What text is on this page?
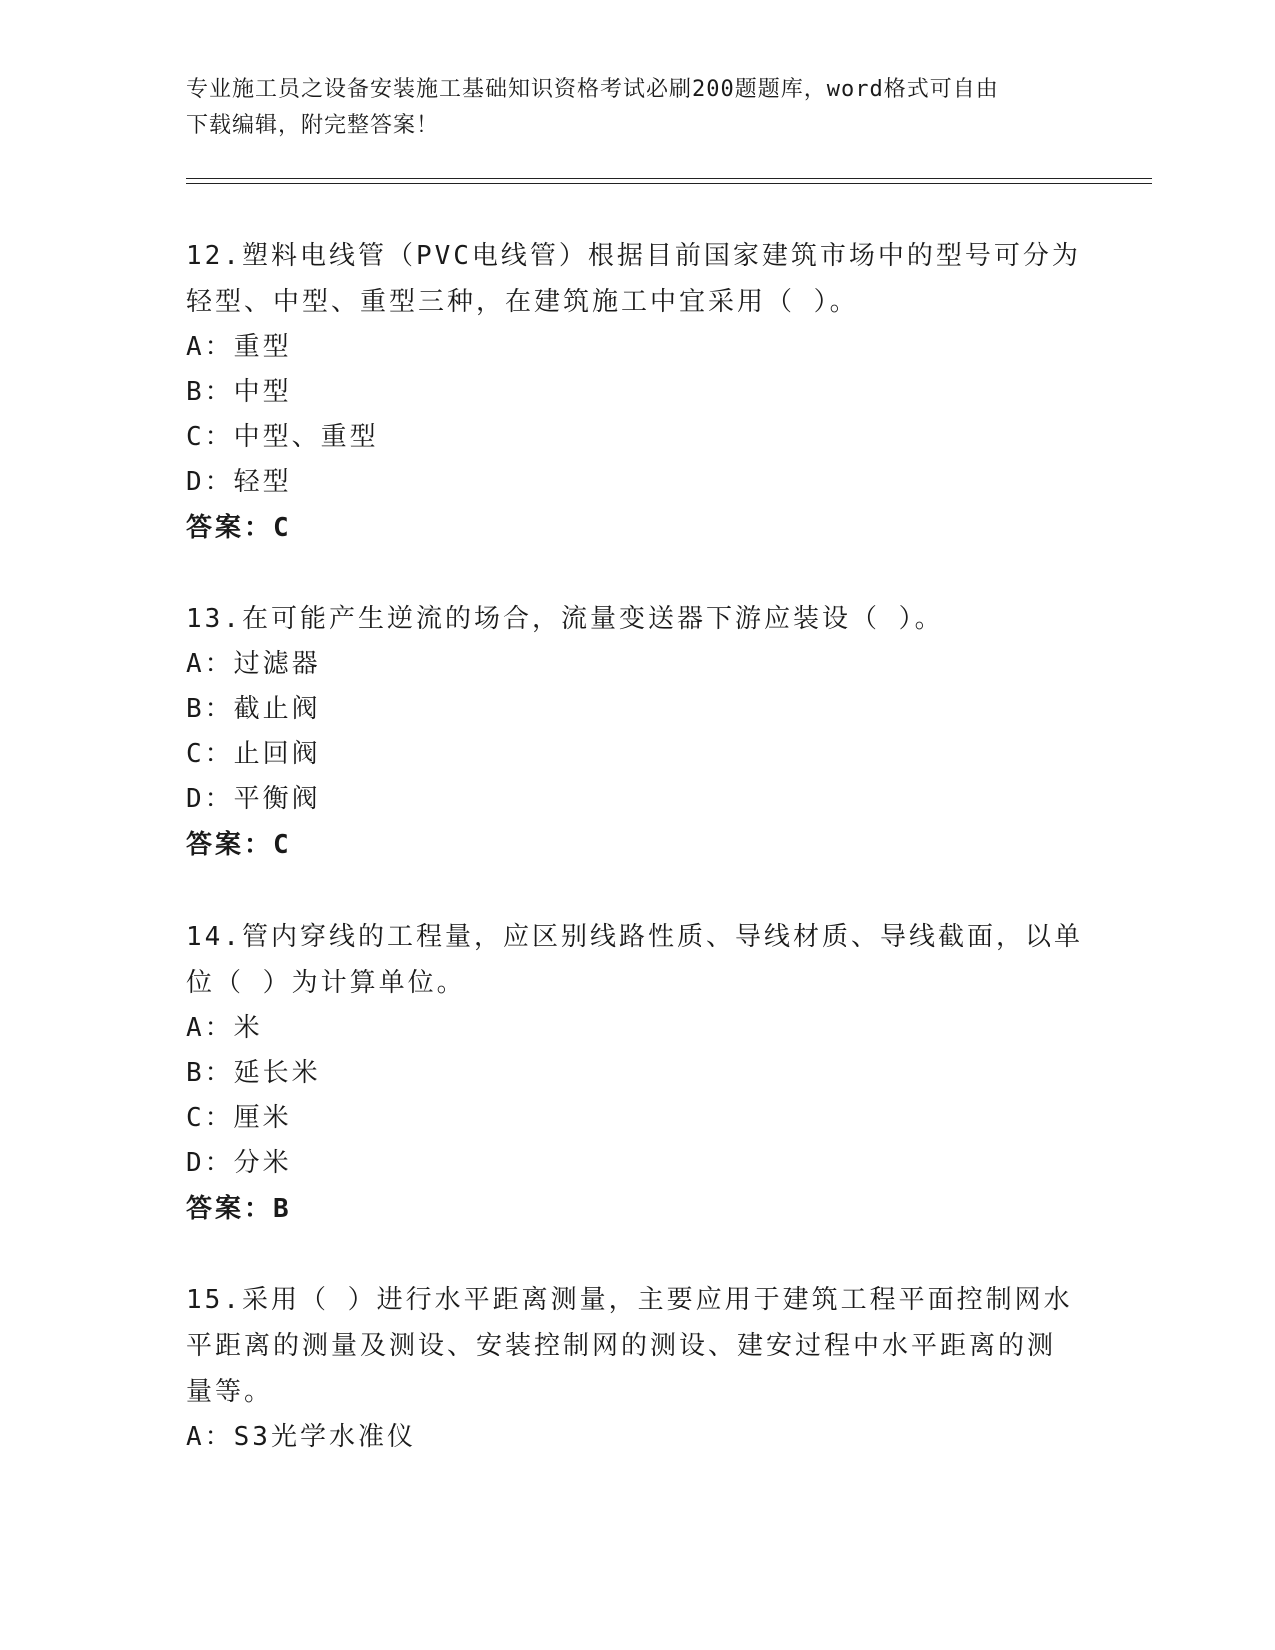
专业施工员之设备安装施工基础知识资格考试必刷200题题库，word格式可自由
下载编辑，附完整答案！

12.塑料电线管（PVC电线管）根据目前国家建筑市场中的型号可分为

轻型、中型、重型三种，在建筑施工中宜采用（ ）。

A：重型

B：中型

C：中型、重型

D：轻型

答案：C

13.在可能产生逆流的场合，流量变送器下游应装设（ ）。

A：过滤器

B：截止阀

C：止回阀

D：平衡阀

答案：C

14.管内穿线的工程量，应区别线路性质、导线材质、导线截面，以单

位（ ）为计算单位。

A：米

B：延长米

C：厘米

D：分米

答案：B

15.采用（ ）进行水平距离测量，主要应用于建筑工程平面控制网水

平距离的测量及测设、安装控制网的测设、建安过程中水平距离的测

量等。

A：S3光学水准仪
